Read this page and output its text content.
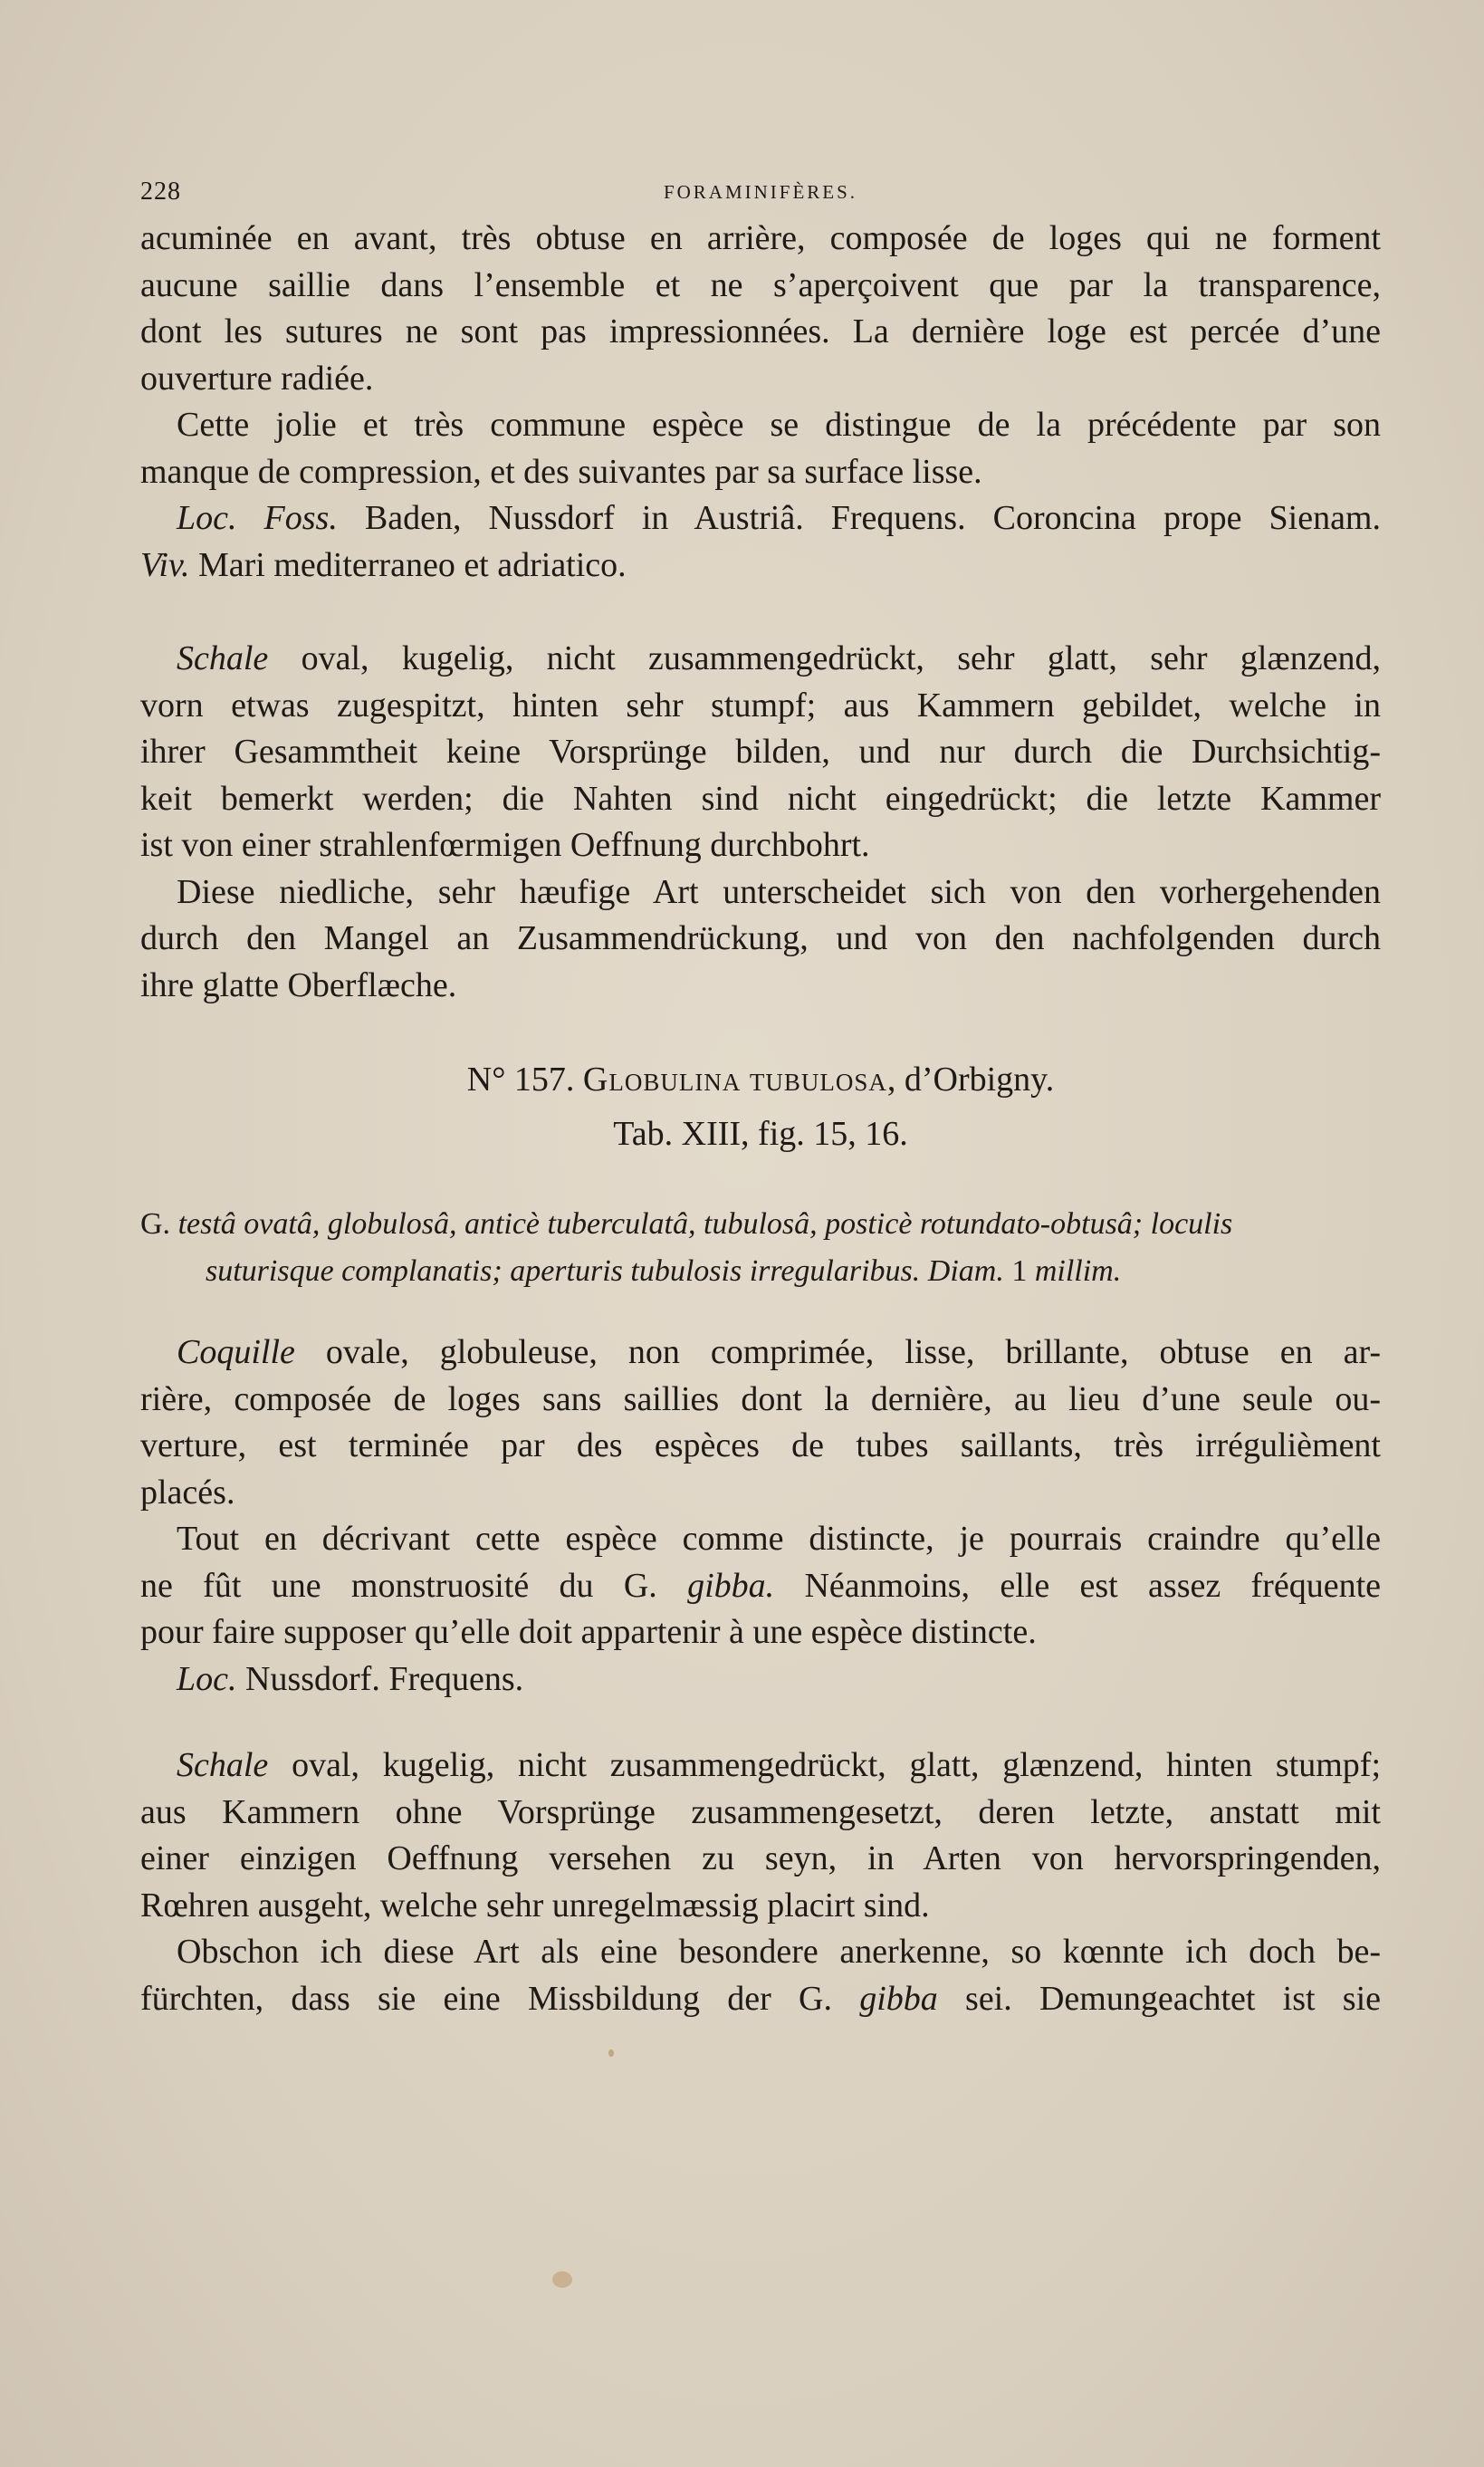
228	FORAMINIFÈRES.
acuminée en avant, très obtuse en arrière, composée de loges qui ne forment
aucune saillie dans l’ensemble et ne s’aperçoivent que par la transparence,
dont les sutures ne sont pas impressionnées. La dernière loge est percée d’une
ouverture radiée.
Cette jolie et très commune espèce se distingue de la précédente par son
manque de compression, et des suivantes par sa surface lisse.
Loc. Foss. Baden, Nussdorf in Austriâ. Frequens. Coroncina prope Sienam.
Viv. Mari mediterraneo et adriatico.
Schale oval, kugelig, nicht zusammengedrückt, sehr glatt, sehr glænzend,
vorn etwas zugespitzt, hinten sehr stumpf; aus Kammern gebildet, welche in
ihrer Gesammtheit keine Vorsprünge bilden, und nur durch die Durchsichtig-
keit bemerkt werden; die Nahten sind nicht eingedrückt; die letzte Kammer
ist von einer strahlenfœrmigen Oeffnung durchbohrt.
Diese niedliche, sehr hæufige Art unterscheidet sich von den vorhergehenden
durch den Mangel an Zusammendrückung, und von den nachfolgenden durch
ihre glatte Oberflæche.
N° 157. Globulina tubulosa, d’Orbigny.
Tab. XIII, fig. 15, 16.
G. testâ ovatâ, globulosâ, anticè tuberculatâ, tubulosâ, posticè rotundato-obtusâ; loculis
suturisque complanatis; aperturis tubulosis irregularibus. Diam. 1 millim.
Coquille ovale, globuleuse, non comprimée, lisse, brillante, obtuse en ar-
rière, composée de loges sans saillies dont la dernière, au lieu d’une seule ou-
verture, est terminée par des espèces de tubes saillants, très irrégulièment
placés.
Tout en décrivant cette espèce comme distincte, je pourrais craindre qu’elle
ne fût une monstruosité du G. gibba. Néanmoins, elle est assez fréquente
pour faire supposer qu’elle doit appartenir à une espèce distincte.
Loc. Nussdorf. Frequens.
Schale oval, kugelig, nicht zusammengedrückt, glatt, glænzend, hinten stumpf;
aus Kammern ohne Vorsprünge zusammengesetzt, deren letzte, anstatt mit
einer einzigen Oeffnung versehen zu seyn, in Arten von hervorspringenden,
Rœhren ausgeht, welche sehr unregelmæssig placirt sind.
Obschon ich diese Art als eine besondere anerkenne, so kœnnte ich doch be-
fürchten, dass sie eine Missbildung der G. gibba sei. Demungeachtet ist sie
